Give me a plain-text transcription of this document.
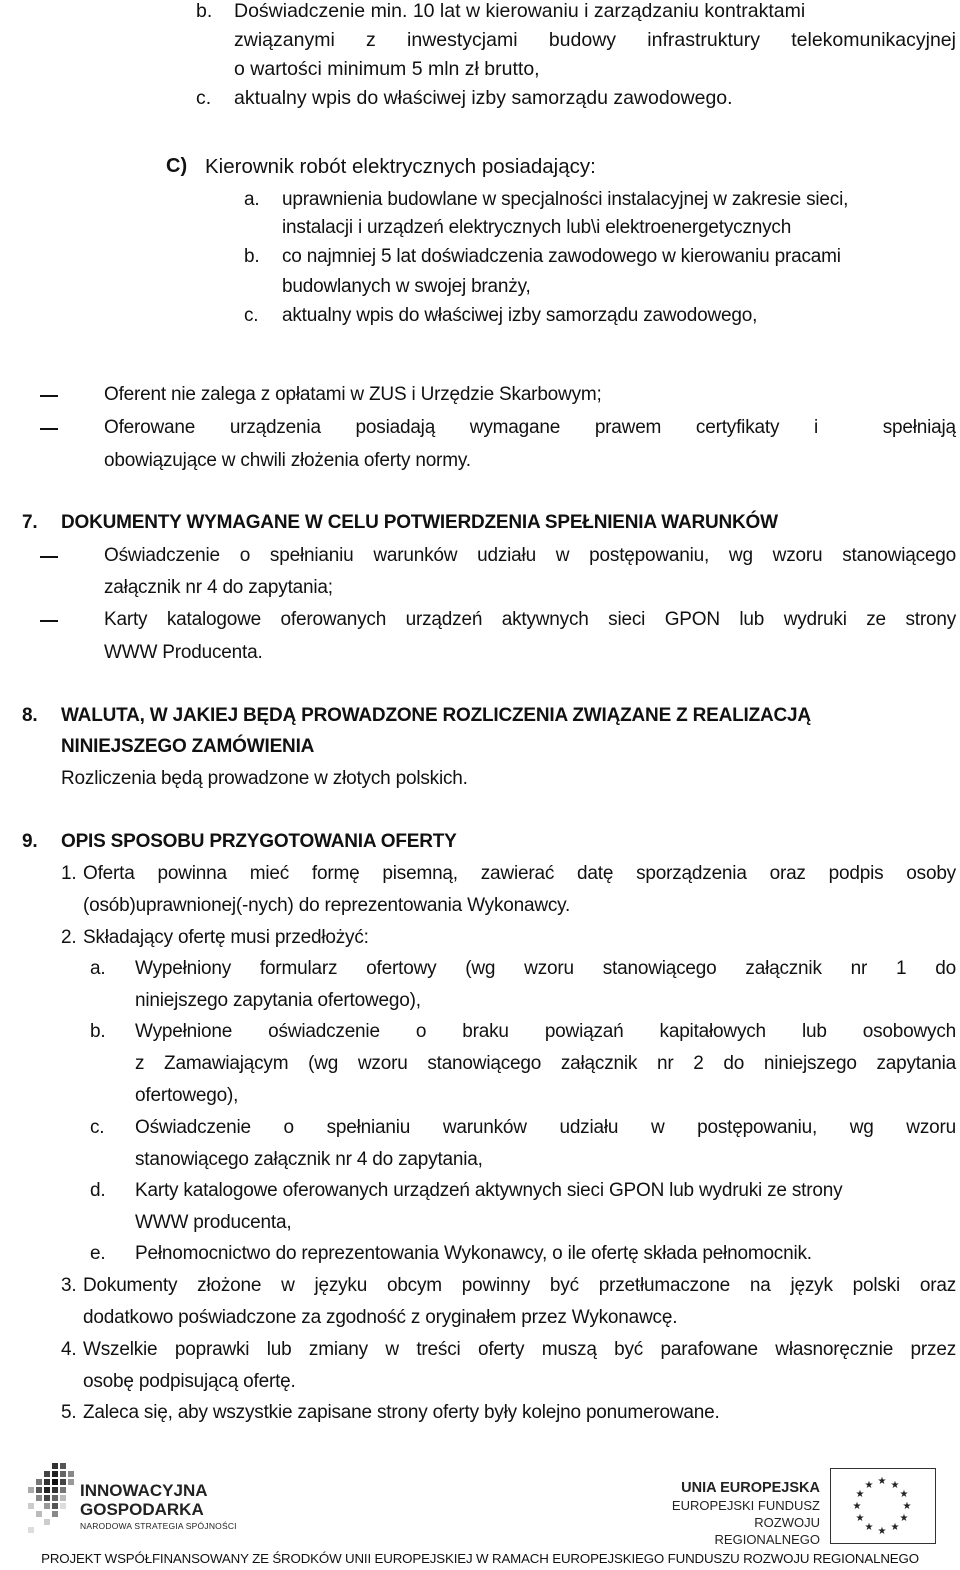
b. Doświadczenie min. 10 lat w kierowaniu i zarządzaniu kontraktami
związanymi z inwestycjami budowy infrastruktury telekomunikacyjnej
o wartości minimum 5 mln zł brutto,
c. aktualny wpis do właściwej izby samorządu zawodowego.
C) Kierownik robót elektrycznych posiadający:
a. uprawnienia budowlane w specjalności instalacyjnej w zakresie sieci,
instalacji i urządzeń elektrycznych lub\i elektroenergetycznych
b. co najmniej 5 lat doświadczenia zawodowego w kierowaniu pracami
budowlanych w swojej branży,
c. aktualny wpis do właściwej izby samorządu zawodowego,
Oferent nie zalega z opłatami w ZUS i Urzędzie Skarbowym;
Oferowane urządzenia posiadają wymagane prawem certyfikaty i	spełniają
obowiązujące w chwili złożenia oferty normy.
7. DOKUMENTY WYMAGANE W CELU POTWIERDZENIA SPEŁNIENIA WARUNKÓW
Oświadczenie o spełnianiu warunków udziału w postępowaniu, wg wzoru stanowiącego
załącznik nr 4 do zapytania;
Karty katalogowe oferowanych urządzeń aktywnych sieci GPON lub wydruki ze strony
WWW Producenta.
8. WALUTA, W JAKIEJ BĘDĄ PROWADZONE ROZLICZENIA ZWIĄZANE Z REALIZACJĄ
NINIEJSZEGO ZAMÓWIENIA
Rozliczenia będą prowadzone w złotych polskich.
9. OPIS SPOSOBU PRZYGOTOWANIA OFERTY
1. Oferta powinna mieć formę pisemną, zawierać datę sporządzenia oraz podpis osoby
(osób)uprawnionej(-nych) do reprezentowania Wykonawcy.
2. Składający ofertę musi przedłożyć:
a. Wypełniony formularz ofertowy (wg wzoru stanowiącego załącznik nr 1 do
niniejszego zapytania ofertowego),
b. Wypełnione oświadczenie o braku powiązań kapitałowych lub osobowych
z Zamawiającym (wg wzoru stanowiącego załącznik nr 2 do niniejszego zapytania
ofertowego),
c. Oświadczenie o spełnianiu warunków udziału w postępowaniu, wg wzoru
stanowiącego załącznik nr 4 do zapytania,
d. Karty katalogowe oferowanych urządzeń aktywnych sieci GPON lub wydruki ze strony
WWW producenta,
e. Pełnomocnictwo do reprezentowania Wykonawcy, o ile ofertę składa pełnomocnik.
3. Dokumenty złożone w języku obcym powinny być przetłumaczone na język polski oraz
dodatkowo poświadczone za zgodność z oryginałem przez Wykonawcę.
4. Wszelkie poprawki lub zmiany w treści oferty muszą być parafowane własnoręcznie przez
osobę podpisującą ofertę.
5. Zaleca się, aby wszystkie zapisane strony oferty były kolejno ponumerowane.
INNOWACYJNA
GOSPODARKA
NARODOWA STRATEGIA SPÓJNOŚCI
UNIA EUROPEJSKA
EUROPEJSKI FUNDUSZ
ROZWOJU REGIONALNEGO
★ ★
★
★
★
★
★
★
★
★
★
★
PROJEKT WSPÓŁFINANSOWANY ZE ŚRODKÓW UNII EUROPEJSKIEJ W RAMACH EUROPEJSKIEGO FUNDUSZU ROZWOJU REGIONALNEGO
